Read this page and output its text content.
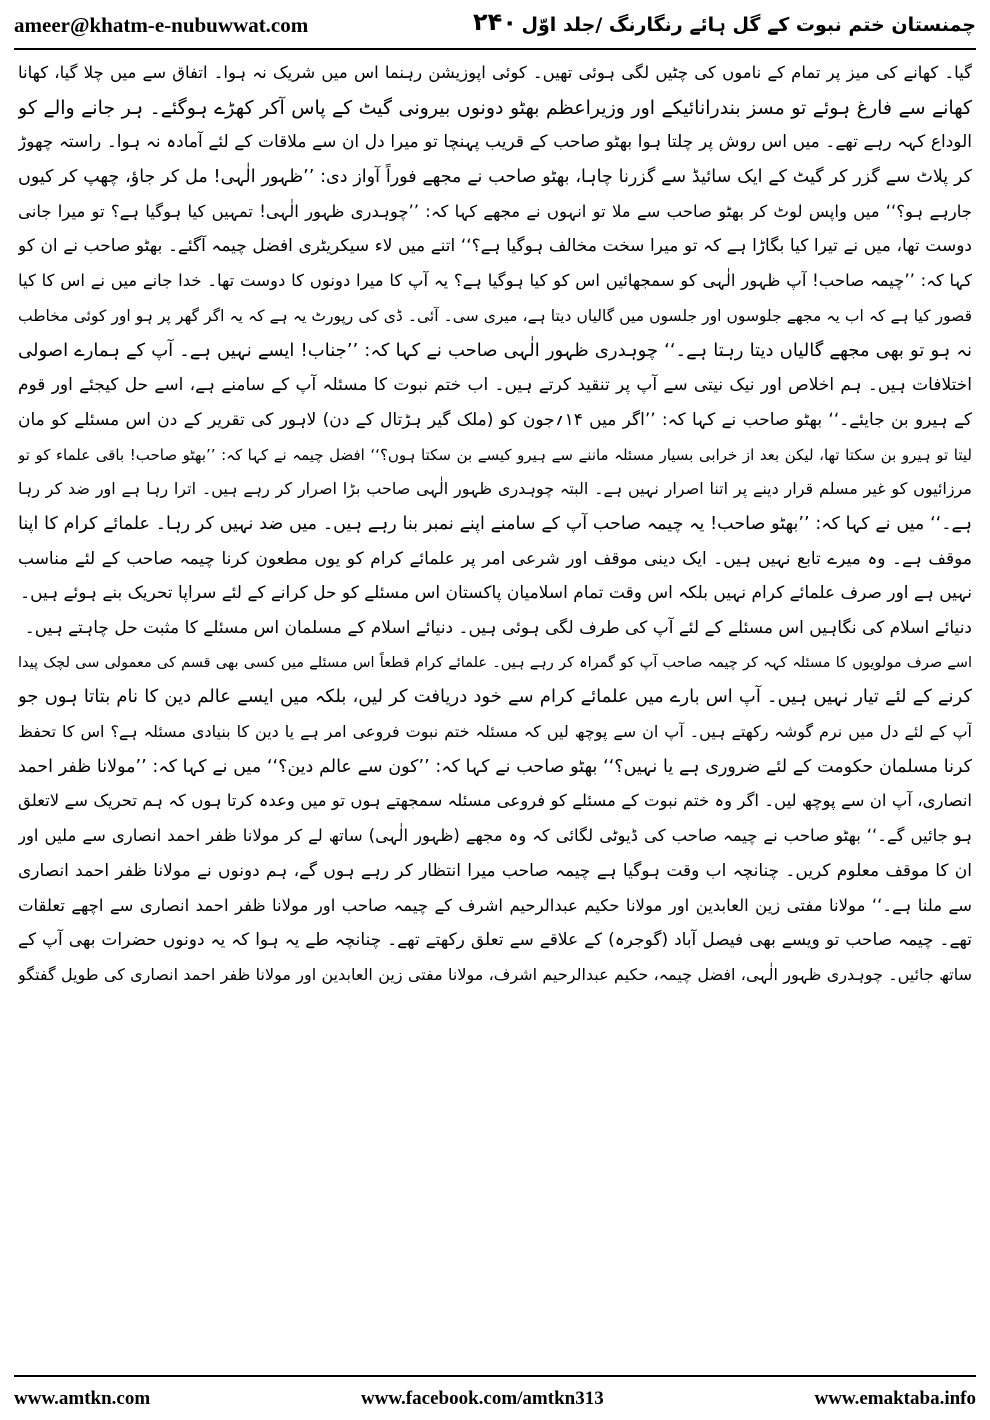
ameer@khatm-e-nubuwwat.com	۲۴۰ چمنستان ختم نبوت کے گل ہائے رنگارنگ /جلد اوّل
گیا۔ کھانے کی میز پر تمام کے ناموں کی چٹیں لگی ہوئی تھیں۔ کوئی اپوزیشن رہنما اس میں شریک نہ ہوا۔ اتفاق سے میں چلا گیا، کھانا
کھانے سے فارغ ہوئے تو مسز بندرانائیکے اور وزیراعظم بھٹو دونوں بیرونی گیٹ کے پاس آکر کھڑے ہوگئے۔ ہر جانے والے کو
الوداع کہہ رہے تھے۔ میں اس روش پر چلتا ہوا بھٹو صاحب کے قریب پہنچا تو میرا دل ان سے ملاقات کے لئے آمادہ نہ ہوا۔ راستہ چھوڑ
کر پلاٹ سے گزر کر گیٹ کے ایک سائیڈ سے گزرنا چاہا، بھٹو صاحب نے مجھے فوراً آواز دی: ’’ظہور الٰہی! مل کر جاؤ، چھپ کر کیوں
جارہے ہو؟‘‘ میں واپس لوٹ کر بھٹو صاحب سے ملا تو انہوں نے مجھے کہا کہ: ’’چوہدری ظہور الٰہی! تمہیں کیا ہوگیا ہے؟ تو میرا جانی
دوست تھا، میں نے تیرا کیا بگاڑا ہے کہ تو میرا سخت مخالف ہوگیا ہے؟‘‘ اتنے میں لاء سیکریٹری افضل چیمہ آگئے۔ بھٹو صاحب نے ان کو
کہا کہ: ’’چیمہ صاحب! آپ ظہور الٰہی کو سمجھائیں اس کو کیا ہوگیا ہے؟ یہ آپ کا میرا دونوں کا دوست تھا۔ خدا جانے میں نے اس کا کیا
قصور کیا ہے کہ اب یہ مجھے جلوسوں اور جلسوں میں گالیاں دیتا ہے، میری سی۔ آئی۔ ڈی کی رپورٹ یہ ہے کہ یہ اگر گھر پر ہو اور کوئی مخاطب
نہ ہو تو بھی مجھے گالیاں دیتا رہتا ہے۔‘‘ چوہدری ظہور الٰہی صاحب نے کہا کہ: ’’جناب! ایسے نہیں ہے۔ آپ کے ہمارے اصولی
اختلافات ہیں۔ ہم اخلاص اور نیک نیتی سے آپ پر تنقید کرتے ہیں۔ اب ختم نبوت کا مسئلہ آپ کے سامنے ہے، اسے حل کیجئے اور قوم
کے ہیرو بن جایئے۔‘‘ بھٹو صاحب نے کہا کہ: ’’اگر میں ۱۴؍جون کو (ملک گیر ہڑتال کے دن) لاہور کی تقریر کے دن اس مسئلے کو مان
لیتا تو ہیرو بن سکتا تھا، لیکن بعد از خرابی بسیار مسئلہ ماننے سے ہیرو کیسے بن سکتا ہوں؟‘‘ افضل چیمہ نے کہا کہ: ’’بھٹو صاحب! باقی علماء کو تو
مرزائیوں کو غیر مسلم قرار دینے پر اتنا اصرار نہیں ہے۔ البتہ چوہدری ظہور الٰہی صاحب بڑا اصرار کر رہے ہیں۔ اترا رہا ہے اور ضد کر رہا
ہے۔‘‘ میں نے کہا کہ: ’’بھٹو صاحب! یہ چیمہ صاحب آپ کے سامنے اپنے نمبر بنا رہے ہیں۔ میں ضد نہیں کر رہا۔ علمائے کرام کا اپنا
موقف ہے۔ وہ میرے تابع نہیں ہیں۔ ایک دینی موقف اور شرعی امر پر علمائے کرام کو یوں مطعون کرنا چیمہ صاحب کے لئے مناسب
نہیں ہے اور صرف علمائے کرام نہیں بلکہ اس وقت تمام اسلامیان پاکستان اس مسئلے کو حل کرانے کے لئے سراپا تحریک بنے ہوئے ہیں۔
دنیائے اسلام کی نگاہیں اس مسئلے کے لئے آپ کی طرف لگی ہوئی ہیں۔ دنیائے اسلام کے مسلمان اس مسئلے کا مثبت حل چاہتے ہیں۔
اسے صرف مولویوں کا مسئلہ کہہ کر چیمہ صاحب آپ کو گمراہ کر رہے ہیں۔ علمائے کرام قطعاً اس مسئلے میں کسی بھی قسم کی معمولی سی لچک پیدا
کرنے کے لئے تیار نہیں ہیں۔ آپ اس بارے میں علمائے کرام سے خود دریافت کر لیں، بلکہ میں ایسے عالم دین کا نام بتاتا ہوں جو
آپ کے لئے دل میں نرم گوشہ رکھتے ہیں۔ آپ ان سے پوچھ لیں کہ مسئلہ ختم نبوت فروعی امر ہے یا دین کا بنیادی مسئلہ ہے؟ اس کا تحفظ
کرنا مسلمان حکومت کے لئے ضروری ہے یا نہیں؟‘‘ بھٹو صاحب نے کہا کہ: ’’کون سے عالم دین؟‘‘ میں نے کہا کہ: ’’مولانا ظفر احمد
انصاری، آپ ان سے پوچھ لیں۔ اگر وہ ختم نبوت کے مسئلے کو فروعی مسئلہ سمجھتے ہوں تو میں وعدہ کرتا ہوں کہ ہم تحریک سے لاتعلق
ہو جائیں گے۔‘‘ بھٹو صاحب نے چیمہ صاحب کی ڈیوٹی لگائی کہ وہ مجھے (ظہور الٰہی) ساتھ لے کر مولانا ظفر احمد انصاری سے ملیں اور
ان کا موقف معلوم کریں۔ چنانچہ اب وقت ہوگیا ہے چیمہ صاحب میرا انتظار کر رہے ہوں گے، ہم دونوں نے مولانا ظفر احمد انصاری
سے ملنا ہے۔‘‘ مولانا مفتی زین العابدین اور مولانا حکیم عبدالرحیم اشرف کے چیمہ صاحب اور مولانا ظفر احمد انصاری سے اچھے تعلقات
تھے۔ چیمہ صاحب تو ویسے بھی فیصل آباد (گوجرہ) کے علاقے سے تعلق رکھتے تھے۔ چنانچہ طے یہ ہوا کہ یہ دونوں حضرات بھی آپ کے
ساتھ جائیں۔ چوہدری ظہور الٰہی، افضل چیمہ، حکیم عبدالرحیم اشرف، مولانا مفتی زین العابدین اور مولانا ظفر احمد انصاری کی طویل گفتگو
www.amtkn.com	www.facebook.com/amtkn313	www.emaktaba.info
